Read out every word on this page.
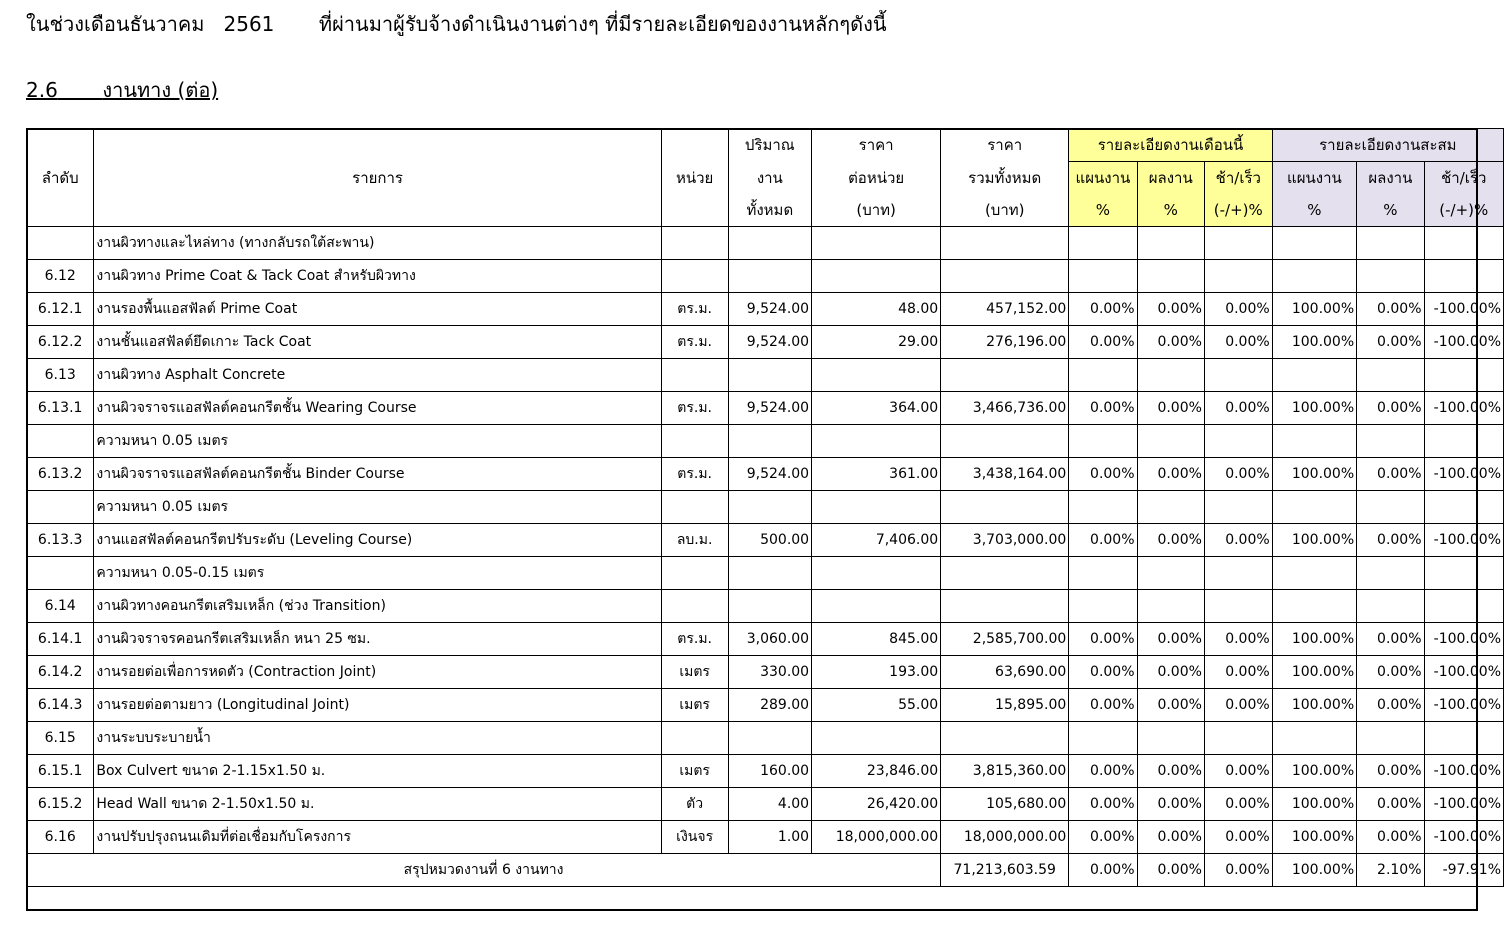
ในช่วงเดือนธันวาคม   2561       ที่ผ่านมาผู้รับจ้างดำเนินงานต่างๆ ที่มีรายละเอียดของงานหลักๆดังนี้
2.6 งานทาง (ต่อ)
ลำดับ	รายการ		หน่วย	ปริมาณ	ราคา	ราคา	รายละเอียดงานเดือนนี้			รายละเอียดงานสะสม		
				งาน	ต่อหน่วย	รวมทั้งหมด	แผนงาน	ผลงาน	ช้า/เร็ว	แผนงาน	ผลงาน	ช้า/เร็ว
				ทั้งหมด	(บาท)	(บาท)	%	%	(-/+)%	%	%	(-/+)%
	งานผิวทางและไหล่ทาง (ทางกลับรถใต้สะพาน)											
6.12	งานผิวทาง Prime Coat & Tack Coat สำหรับผิวทาง											
6.12.1	งานรองพื้นแอสฟัลต์ Prime Coat		ตร.ม.	9,524.00	48.00	457,152.00	0.00%	0.00%	0.00%	100.00%	0.00%	-100.00%
6.12.2	งานชั้นแอสฟัลต์ยึดเกาะ Tack Coat		ตร.ม.	9,524.00	29.00	276,196.00	0.00%	0.00%	0.00%	100.00%	0.00%	-100.00%
6.13	งานผิวทาง Asphalt Concrete											
6.13.1	งานผิวจราจรแอสฟัลต์คอนกรีตชั้น Wearing Course		ตร.ม.	9,524.00	364.00	3,466,736.00	0.00%	0.00%	0.00%	100.00%	0.00%	-100.00%
	ความหนา 0.05 เมตร											
6.13.2	งานผิวจราจรแอสฟัลต์คอนกรีตชั้น Binder Course		ตร.ม.	9,524.00	361.00	3,438,164.00	0.00%	0.00%	0.00%	100.00%	0.00%	-100.00%
	ความหนา 0.05 เมตร											
6.13.3	งานแอสฟัลต์คอนกรีตปรับระดับ (Leveling Course)		ลบ.ม.	500.00	7,406.00	3,703,000.00	0.00%	0.00%	0.00%	100.00%	0.00%	-100.00%
	ความหนา 0.05-0.15 เมตร											
6.14	งานผิวทางคอนกรีตเสริมเหล็ก (ช่วง Transition)											
6.14.1	งานผิวจราจรคอนกรีตเสริมเหล็ก หนา 25 ซม.		ตร.ม.	3,060.00	845.00	2,585,700.00	0.00%	0.00%	0.00%	100.00%	0.00%	-100.00%
6.14.2	งานรอยต่อเพื่อการหดตัว (Contraction Joint)		เมตร	330.00	193.00	63,690.00	0.00%	0.00%	0.00%	100.00%	0.00%	-100.00%
6.14.3	งานรอยต่อตามยาว (Longitudinal Joint)		เมตร	289.00	55.00	15,895.00	0.00%	0.00%	0.00%	100.00%	0.00%	-100.00%
6.15	งานระบบระบายน้ำ											
6.15.1	Box Culvert ขนาด 2-1.15x1.50 ม.		เมตร	160.00	23,846.00	3,815,360.00	0.00%	0.00%	0.00%	100.00%	0.00%	-100.00%
6.15.2	Head Wall ขนาด 2-1.50x1.50 ม.		ตัว	4.00	26,420.00	105,680.00	0.00%	0.00%	0.00%	100.00%	0.00%	-100.00%
6.16	งานปรับปรุงถนนเดิมที่ต่อเชื่อมกับโครงการ		เงินจร	1.00	18,000,000.00	18,000,000.00	0.00%	0.00%	0.00%	100.00%	0.00%	-100.00%
สรุปหมวดงานที่ 6 งานทาง						71,213,603.59	0.00%	0.00%	0.00%	100.00%	2.10%	-97.91%
